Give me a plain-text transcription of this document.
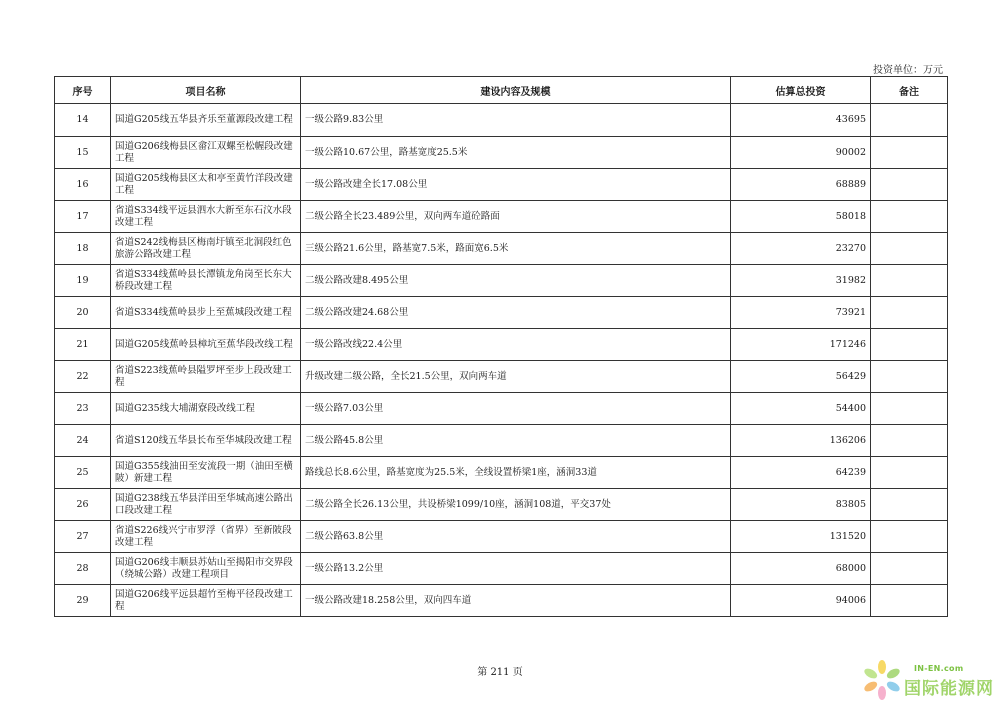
投资单位：万元
序号	项目名称	建设内容及规模	估算总投资	备注
14	国道G205线五华县齐乐至董源段改建工程	一级公路9.83公里	43695	
15	国道G206线梅县区畲江双螺至松幄段改建工程	一级公路10.67公里，路基宽度25.5米	90002	
16	国道G205线梅县区太和亭至黄竹洋段改建工程	一级公路改建全长17.08公里	68889	
17	省道S334线平远县泗水大新至东石汶水段改建工程	二级公路全长23.489公里，双向两车道砼路面	58018	
18	省道S242线梅县区梅南圩镇至北洞段红色旅游公路改建工程	三级公路21.6公里，路基宽7.5米，路面宽6.5米	23270	
19	省道S334线蕉岭县长潭镇龙角岗至长东大桥段改建工程	二级公路改建8.495公里	31982	
20	省道S334线蕉岭县步上至蕉城段改建工程	二级公路改建24.68公里	73921	
21	国道G205线蕉岭县樟坑至蕉华段改线工程	一级公路改线22.4公里	171246	
22	省道S223线蕉岭县隘罗坪至步上段改建工程	升级改建二级公路，全长21.5公里，双向两车道	56429	
23	国道G235线大埔湖寮段改线工程	一级公路7.03公里	54400	
24	省道S120线五华县长布至华城段改建工程	二级公路45.8公里	136206	
25	国道G355线油田至安流段一期（油田至横陂）新建工程	路线总长8.6公里，路基宽度为25.5米，全线设置桥梁1座，涵洞33道	64239	
26	国道G238线五华县洋田至华城高速公路出口段改建工程	二级公路全长26.13公里，共设桥梁1099/10座，涵洞108道，平交37处	83805	
27	省道S226线兴宁市罗浮（省界）至新陂段改建工程	二级公路63.8公里	131520	
28	国道G206线丰顺县苏姑山至揭阳市交界段（绕城公路）改建工程项目	一级公路13.2公里	68000	
29	国道G206线平远县超竹至梅平径段改建工程	一级公路改建18.258公里，双向四车道	94006	
第 211 页	IN-EN.com
国际能源网
